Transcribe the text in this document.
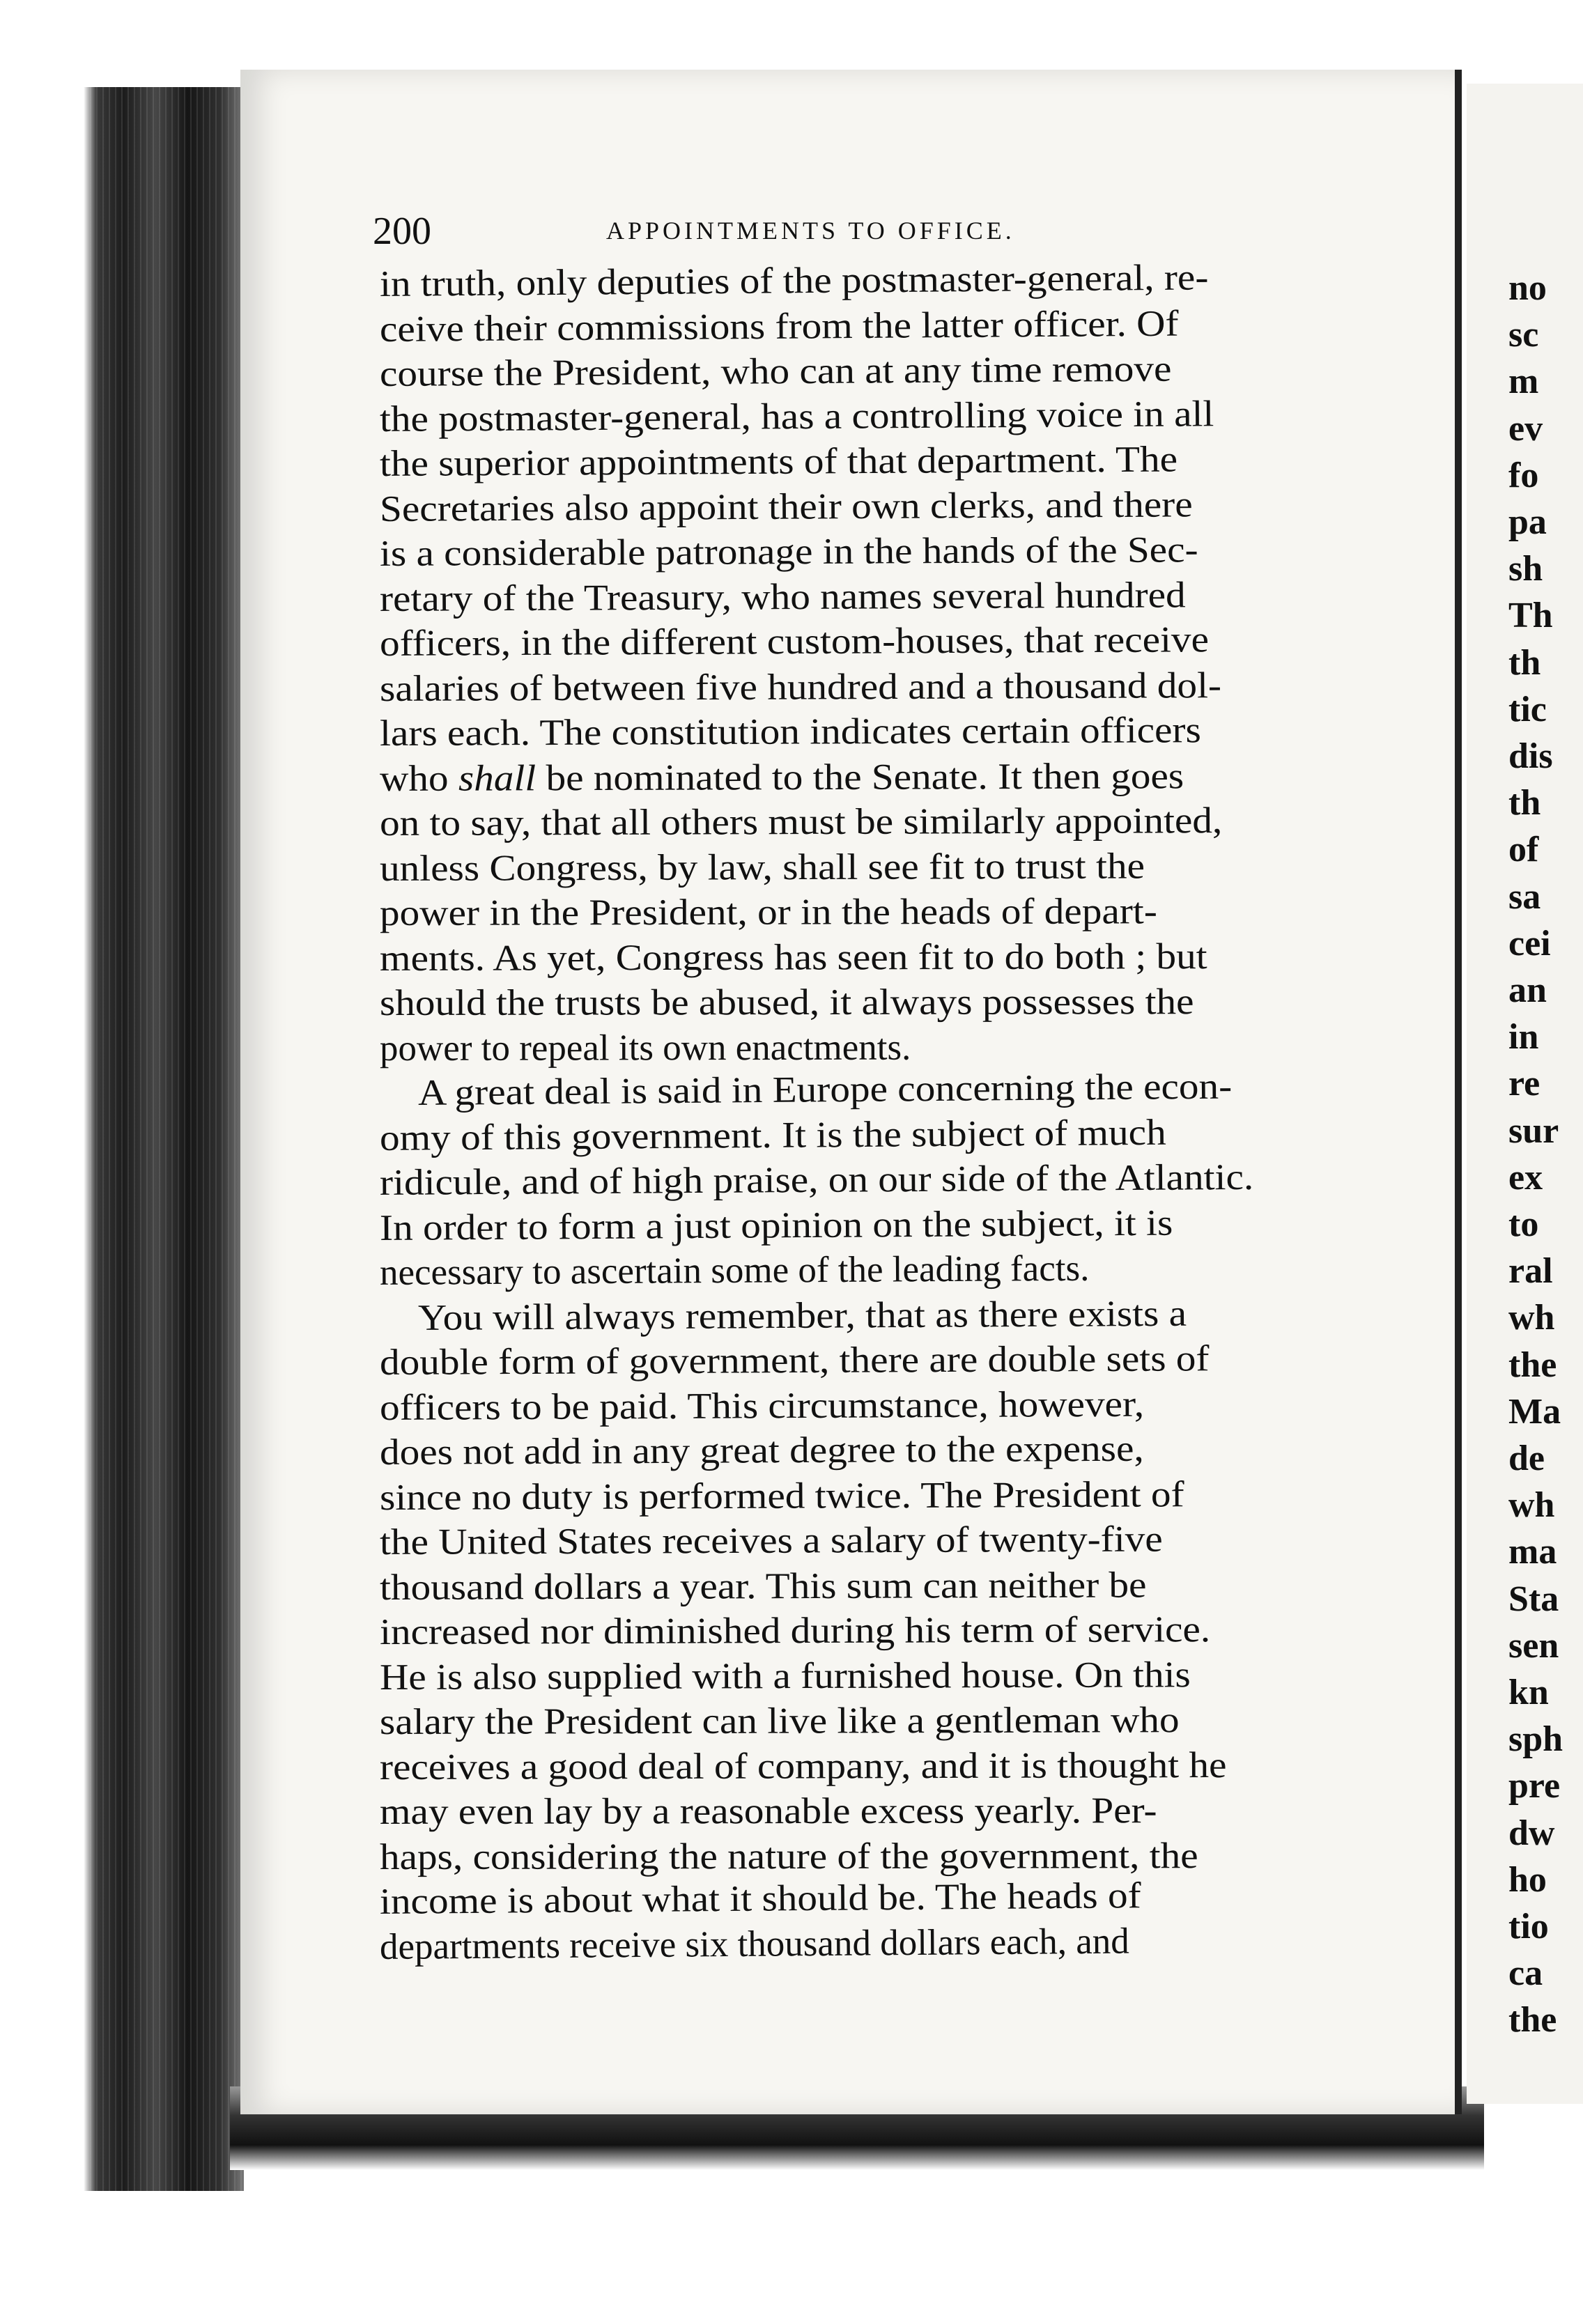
no
sc
m
ev
fo
pa
sh
Th
th
tic
dis
th
of
sa
cei
an
in
re
sur
ex
to
ral
wh
the
Ma
de
wh
ma
Sta
sen
kn
sph
pre
dw
ho
tio
ca
the
200	APPOINTMENTS TO OFFICE.
in truth, only deputies of the postmaster-general, re-
ceive their commissions from the latter officer. Of
course the President, who can at any time remove
the postmaster-general, has a controlling voice in all
the superior appointments of that department. The
Secretaries also appoint their own clerks, and there
is a considerable patronage in the hands of the Sec-
retary of the Treasury, who names several hundred
officers, in the different custom-houses, that receive
salaries of between five hundred and a thousand dol-
lars each. The constitution indicates certain officers
who shall be nominated to the Senate. It then goes
on to say, that all others must be similarly appointed,
unless Congress, by law, shall see fit to trust the
power in the President, or in the heads of depart-
ments. As yet, Congress has seen fit to do both ; but
should the trusts be abused, it always possesses the
power to repeal its own enactments.
A great deal is said in Europe concerning the econ-
omy of this government. It is the subject of much
ridicule, and of high praise, on our side of the Atlantic.
In order to form a just opinion on the subject, it is
necessary to ascertain some of the leading facts.
You will always remember, that as there exists a
double form of government, there are double sets of
officers to be paid. This circumstance, however,
does not add in any great degree to the expense,
since no duty is performed twice. The President of
the United States receives a salary of twenty-five
thousand dollars a year. This sum can neither be
increased nor diminished during his term of service.
He is also supplied with a furnished house. On this
salary the President can live like a gentleman who
receives a good deal of company, and it is thought he
may even lay by a reasonable excess yearly. Per-
haps, considering the nature of the government, the
income is about what it should be. The heads of
departments receive six thousand dollars each, and
